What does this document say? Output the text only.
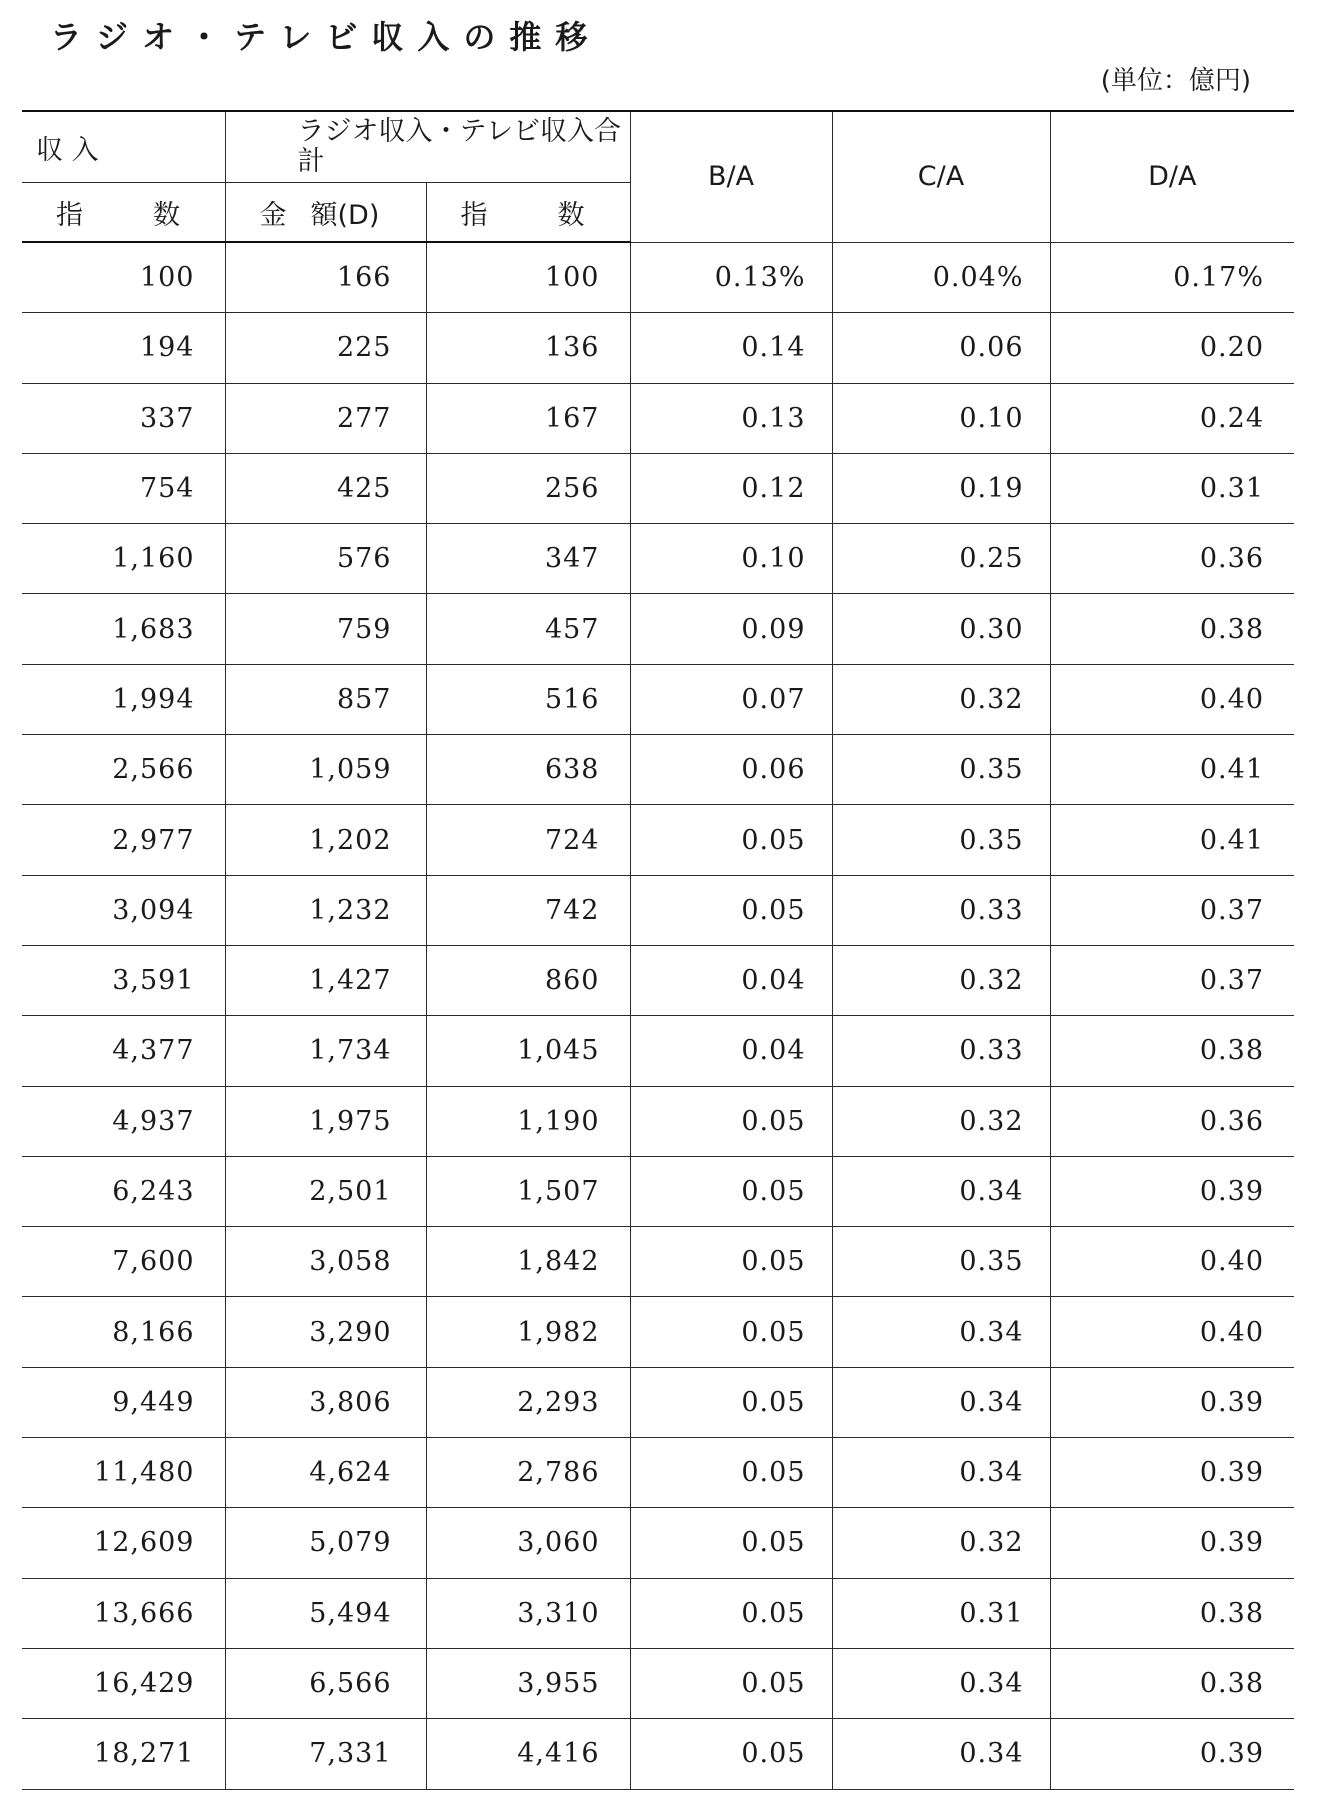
ラジオ・テレビ収入の推移
(単位：億円)
収 入	ラジオ収入・テレビ収入合計		B/A	C/A	D/A
指 数	金 額(D)	指 数			
100	166	100	0.13%	0.04%	0.17%
194	225	136	0.14	0.06	0.20
337	277	167	0.13	0.10	0.24
754	425	256	0.12	0.19	0.31
1,160	576	347	0.10	0.25	0.36
1,683	759	457	0.09	0.30	0.38
1,994	857	516	0.07	0.32	0.40
2,566	1,059	638	0.06	0.35	0.41
2,977	1,202	724	0.05	0.35	0.41
3,094	1,232	742	0.05	0.33	0.37
3,591	1,427	860	0.04	0.32	0.37
4,377	1,734	1,045	0.04	0.33	0.38
4,937	1,975	1,190	0.05	0.32	0.36
6,243	2,501	1,507	0.05	0.34	0.39
7,600	3,058	1,842	0.05	0.35	0.40
8,166	3,290	1,982	0.05	0.34	0.40
9,449	3,806	2,293	0.05	0.34	0.39
11,480	4,624	2,786	0.05	0.34	0.39
12,609	5,079	3,060	0.05	0.32	0.39
13,666	5,494	3,310	0.05	0.31	0.38
16,429	6,566	3,955	0.05	0.34	0.38
18,271	7,331	4,416	0.05	0.34	0.39
